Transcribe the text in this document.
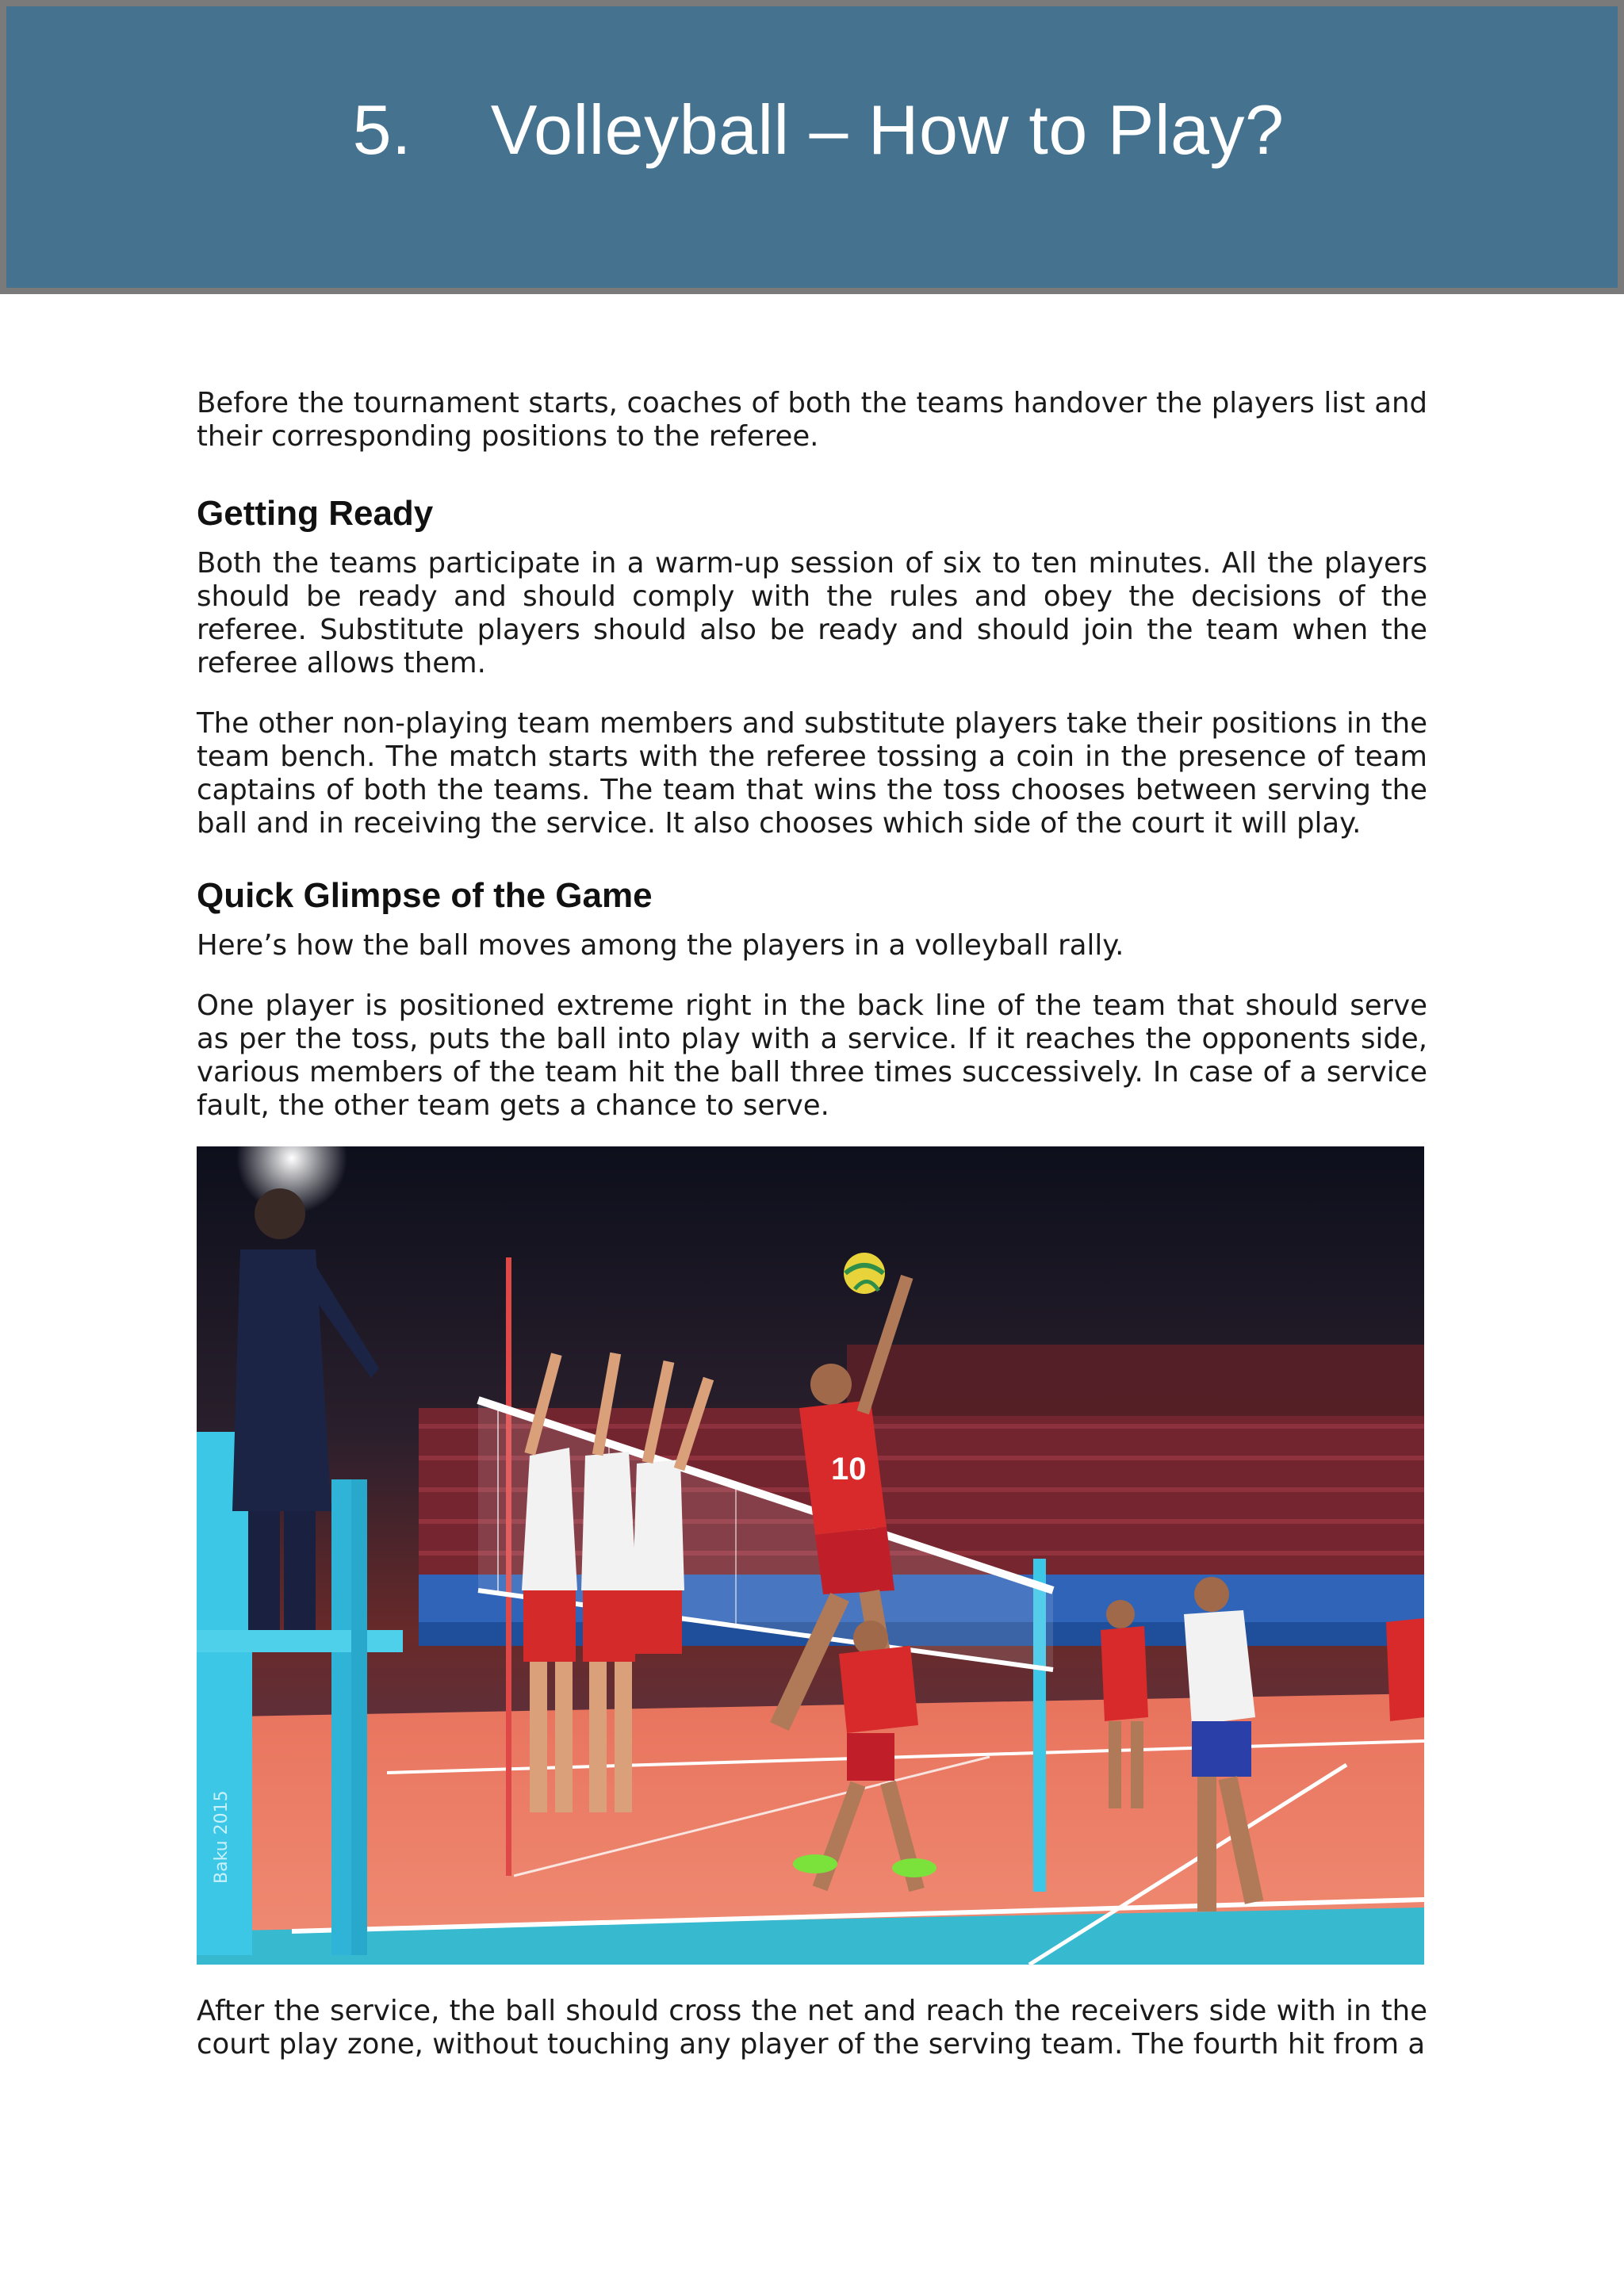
5.    Volleyball – How to Play?

Before the tournament starts, coaches of both the teams handover the players list and their corresponding positions to the referee.

Getting Ready

Both the teams participate in a warm-up session of six to ten minutes. All the players should be ready and should comply with the rules and obey the decisions of the referee. Substitute players should also be ready and should join the team when the referee allows them.

The other non-playing team members and substitute players take their positions in the team bench. The match starts with the referee tossing a coin in the presence of team captains of both the teams. The team that wins the toss chooses between serving the ball and in receiving the service. It also chooses which side of the court it will play.

Quick Glimpse of the Game

Here’s how the ball moves among the players in a volleyball rally.

One player is positioned extreme right in the back line of the team that should serve as per the toss, puts the ball into play with a service. If it reaches the opponents side, various members of the team hit the ball three times successively. In case of a service fault, the other team gets a chance to serve.

Baku 2015
10

After the service, the ball should cross the net and reach the receivers side with in the court play zone, without touching any player of the serving team. The fourth hit from a
